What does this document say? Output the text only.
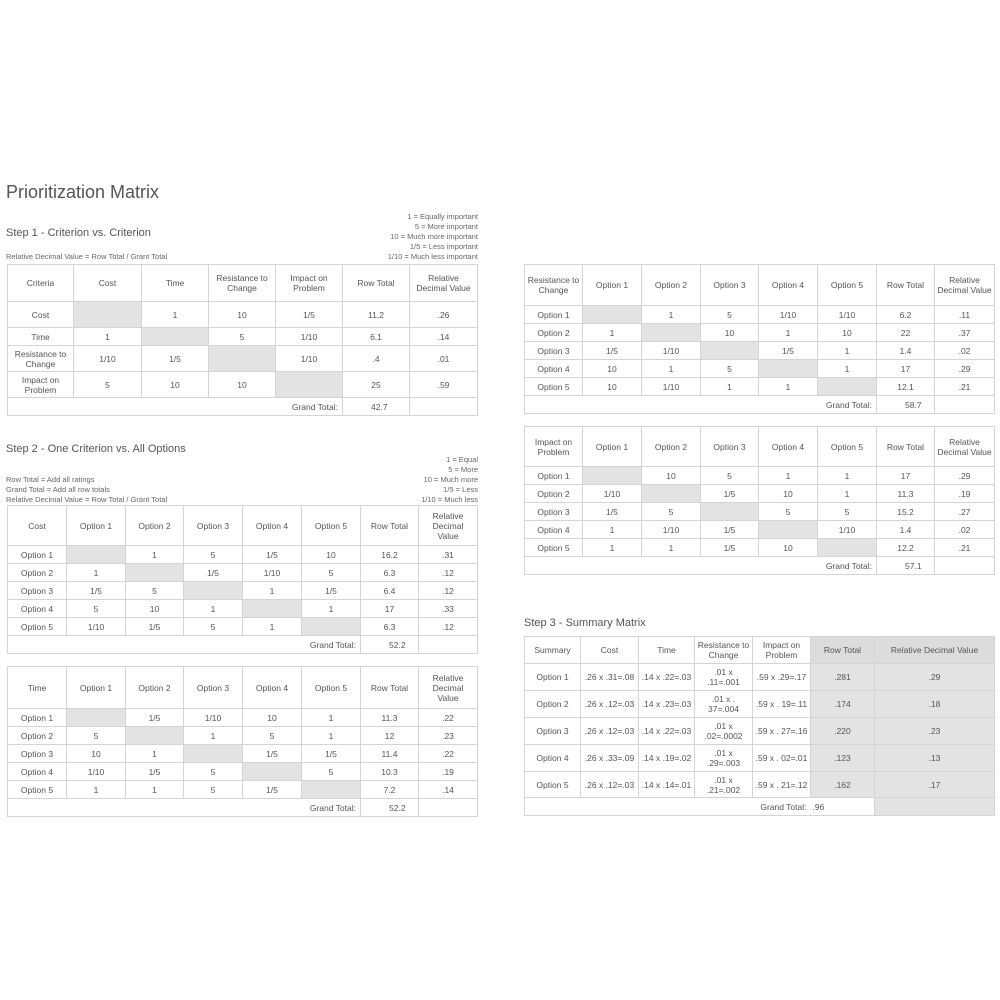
Prioritization Matrix
Step 1 - Criterion vs. Criterion
1 = Equally important
5 = More important
10 = Much more important
1/5 = Less important
1/10 = Much less important
Relative Decimal Value = Row Total / Grant Total
Criteria	Cost	Time	Resistance to Change	Impact on Problem	Row Total	Relative Decimal Value
Cost		1	10	1/5	11.2	.26
Time	1		5	1/10	6.1	.14
Resistance to Change	1/10	1/5		1/10	.4	.01
Impact on Problem	5	10	10		25	.59
Grand Total:					42.7	
Step 2 - One Criterion vs. All Options
1 = Equal
5 = More
10 = Much more
1/5 = Less
1/10 = Much less
Row Total = Add all ratings
Grand Total = Add all row totals
Relative Decimal Value = Row Total / Grant Total
Cost	Option 1	Option 2	Option 3	Option 4	Option 5	Row Total	Relative Decimal Value
Option 1		1	5	1/5	10	16.2	.31
Option 2	1		1/5	1/10	5	6.3	.12
Option 3	1/5	5		1	1/5	6.4	.12
Option 4	5	10	1		1	17	.33
Option 5	1/10	1/5	5	1		6.3	.12
Grand Total:						52.2	
Time	Option 1	Option 2	Option 3	Option 4	Option 5	Row Total	Relative Decimal Value
Option 1		1/5	1/10	10	1	11.3	.22
Option 2	5		1	5	1	12	.23
Option 3	10	1		1/5	1/5	11.4	.22
Option 4	1/10	1/5	5		5	10.3	.19
Option 5	1	1	5	1/5		7.2	.14
Grand Total:						52.2	
Resistance to Change	Option 1	Option 2	Option 3	Option 4	Option 5	Row Total	Relative Decimal Value
Option 1		1	5	1/10	1/10	6.2	.11
Option 2	1		10	1	10	22	.37
Option 3	1/5	1/10		1/5	1	1.4	.02
Option 4	10	1	5		1	17	.29
Option 5	10	1/10	1	1		12.1	.21
Grand Total:						58.7	
Impact on Problem	Option 1	Option 2	Option 3	Option 4	Option 5	Row Total	Relative Decimal Value
Option 1		10	5	1	1	17	.29
Option 2	1/10		1/5	10	1	11.3	.19
Option 3	1/5	5		5	5	15.2	.27
Option 4	1	1/10	1/5		1/10	1.4	.02
Option 5	1	1	1/5	10		12.2	.21
Grand Total:						57.1	
Step 3 - Summary Matrix
Summary	Cost	Time	Resistance to Change	Impact on Problem	Row Total	Relative Decimal Value
Option 1	.26 x .31=.08	.14 x .22=.03	.01 x .11=.001	.59 x .29=.17	.281	.29
Option 2	.26 x .12=.03	.14 x .23=.03	.01 x . 37=.004	.59 x . 19=.11	.174	.18
Option 3	.26 x .12=.03	.14 x .22=.03	.01 x .02=.0002	.59 x . 27=.16	.220	.23
Option 4	.26 x .33=.09	.14 x .19=.02	.01 x .29=.003	.59 x . 02=.01	.123	.13
Option 5	.26 x .12=.03	.14 x .14=.01	.01 x .21=.002	.59 x . 21=.12	.162	.17
Grand Total:					.96	
